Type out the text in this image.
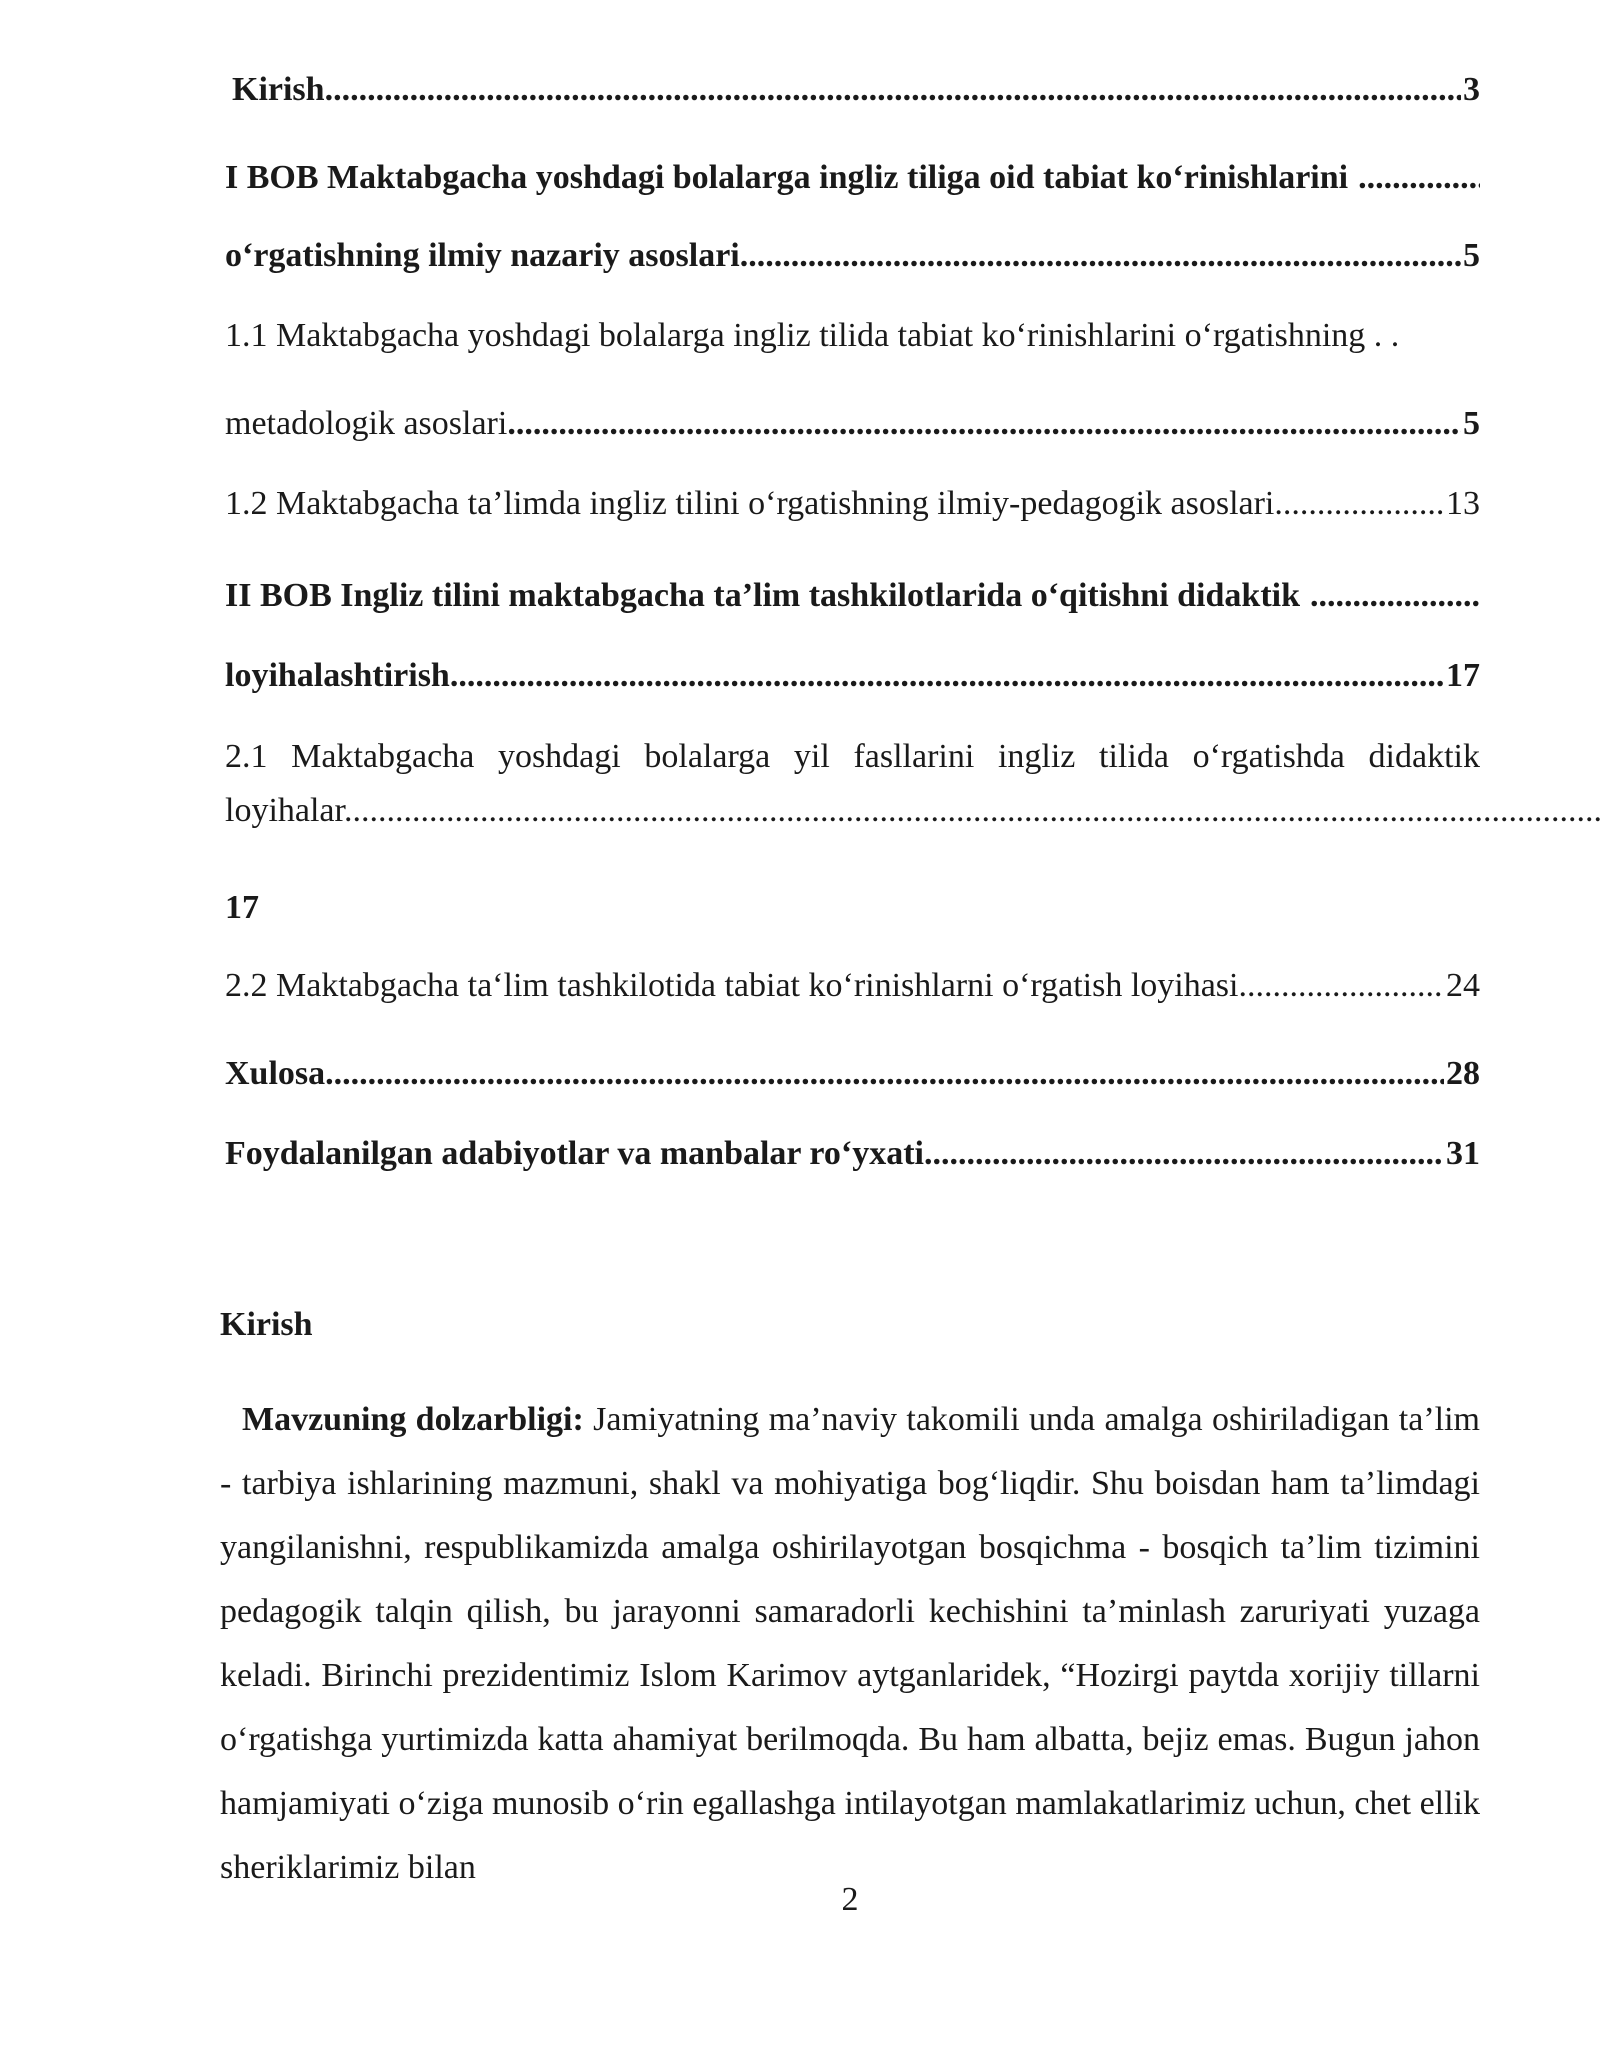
Kirish .....	3
I BOB Maktabgacha yoshdagi bolalarga ingliz tiliga oid tabiat ko‘rinishlarini
.....
o‘rgatishning ilmiy nazariy asoslari .....	5
1.1 Maktabgacha yoshdagi bolalarga ingliz tilida tabiat ko‘rinishlarini o‘rgatishning . .
metadologik asoslari .....	5
1.2 Maktabgacha ta’limda ingliz tilini o‘rgatishning ilmiy-pedagogik asoslari .....	13
II BOB Ingliz tilini maktabgacha ta’lim tashkilotlarida o‘qitishni didaktik
.....
loyihalashtirish .....	17
2.1 Maktabgacha yoshdagi bolalarga yil fasllarini ingliz tilida o‘rgatishda didaktik loyihalar.....
17
2.2 Maktabgacha ta‘lim tashkilotida tabiat ko‘rinishlarni o‘rgatish loyihasi .....	24
Xulosa .....	28
Foydalanilgan adabiyotlar va manbalar ro‘yxati .....	31
Kirish
Mavzuning dolzarbligi: Jamiyatning ma’naviy takomili unda amalga oshiriladigan ta’lim - tarbiya ishlarining mazmuni, shakl va mohiyatiga bog‘liqdir. Shu boisdan ham ta’limdagi yangilanishni, respublikamizda amalga oshirilayotgan bosqichma - bosqich ta’lim tizimini pedagogik talqin qilish, bu jarayonni samaradorli kechishini ta’minlash zaruriyati yuzaga keladi. Birinchi prezidentimiz Islom Karimov aytganlaridek, “Hozirgi paytda xorijiy tillarni o‘rgatishga yurtimizda katta ahamiyat berilmoqda. Bu ham albatta, bejiz emas. Bugun jahon hamjamiyati o‘ziga munosib o‘rin egallashga intilayotgan mamlakatlarimiz uchun, chet ellik sheriklarimiz bilan
2
